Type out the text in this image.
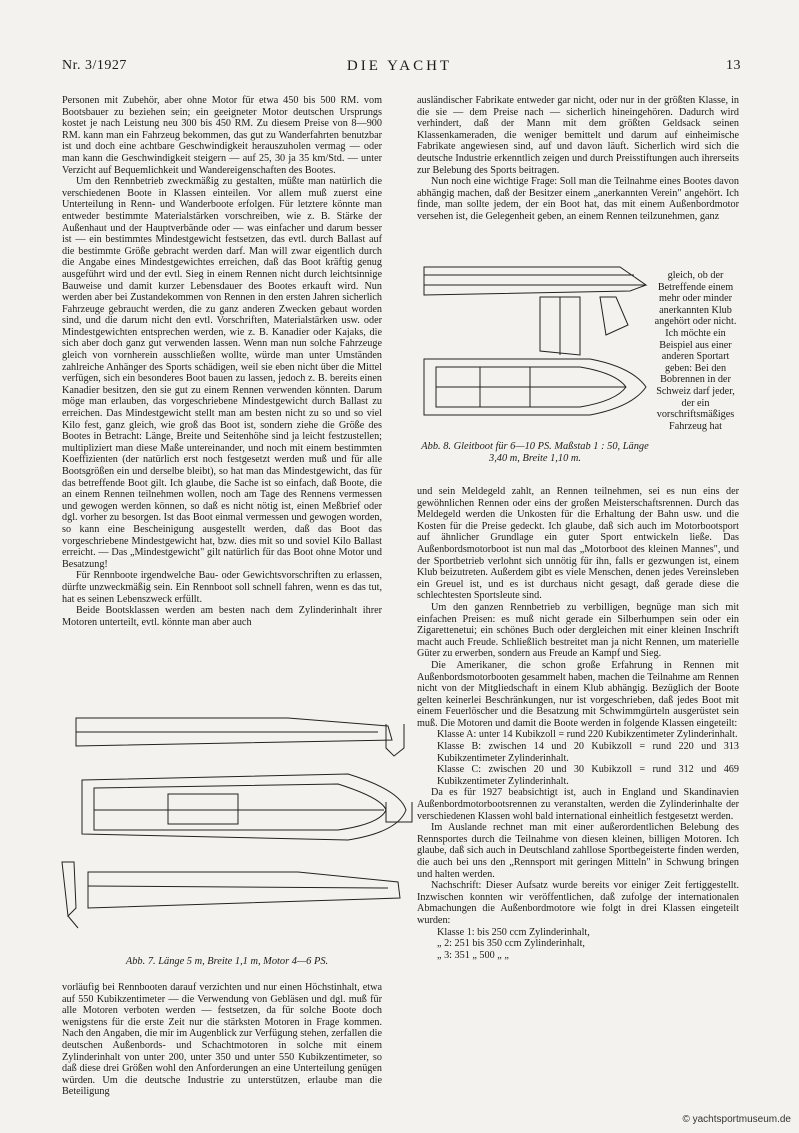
Nr. 3/1927	DIE YACHT	13

Personen mit Zubehör, aber ohne Motor für etwa 450 bis 500 RM. vom Bootsbauer zu beziehen sein; ein geeigneter Motor deutschen Ursprungs kostet je nach Leistung neu 300 bis 450 RM. Zu diesem Preise von 8—900 RM. kann man ein Fahrzeug bekommen, das gut zu Wanderfahrten benutzbar ist und doch eine achtbare Geschwindigkeit herauszuholen vermag — oder man kann die Geschwindigkeit steigern — auf 25, 30 ja 35 km/Std. — unter Verzicht auf Bequemlichkeit und Wandereigenschaften des Bootes.

Um den Rennbetrieb zweckmäßig zu gestalten, müßte man natürlich die verschiedenen Boote in Klassen einteilen. Vor allem muß zuerst eine Unterteilung in Renn- und Wanderboote erfolgen. Für letztere könnte man entweder bestimmte Materialstärken vorschreiben, wie z. B. Stärke der Außenhaut und der Hauptverbände oder — was einfacher und darum besser ist — ein bestimmtes Mindestgewicht festsetzen, das evtl. durch Ballast auf die bestimmte Größe gebracht werden darf. Man will zwar eigentlich durch die Angabe eines Mindestgewichtes erreichen, daß das Boot kräftig genug ausgeführt wird und der evtl. Sieg in einem Rennen nicht durch leichtsinnige Bauweise und damit kurzer Lebensdauer des Bootes erkauft wird. Nun werden aber bei Zustandekommen von Rennen in den ersten Jahren sicherlich Fahrzeuge gebraucht werden, die zu ganz anderen Zwecken gebaut worden sind, und die darum nicht den evtl. Vorschriften, Materialstärken usw. oder Mindestgewichten entsprechen werden, wie z. B. Kanadier oder Kajaks, die sich aber doch ganz gut verwenden lassen. Wenn man nun solche Fahrzeuge gleich von vornherein ausschließen wollte, würde man unter Umständen zahlreiche Anhänger des Sports schädigen, weil sie eben nicht über die Mittel verfügen, sich ein besonderes Boot bauen zu lassen, jedoch z. B. bereits einen Kanadier besitzen, den sie gut zu einem Rennen verwenden könnten. Darum möge man erlauben, das vorgeschriebene Mindestgewicht durch Ballast zu erreichen. Das Mindestgewicht stellt man am besten nicht zu so und so viel Kilo fest, ganz gleich, wie groß das Boot ist, sondern ziehe die Größe des Bootes in Betracht: Länge, Breite und Seitenhöhe sind ja leicht festzustellen; multipliziert man diese Maße untereinander, und noch mit einem bestimmten Koeffizienten (der natürlich erst noch festgesetzt werden muß und für alle Bootsgrößen ein und derselbe bleibt), so hat man das Mindestgewicht, das für das betreffende Boot gilt. Ich glaube, die Sache ist so einfach, daß Boote, die an einem Rennen teilnehmen wollen, noch am Tage des Rennens vermessen und gewogen werden können, so daß es nicht nötig ist, einen Meßbrief oder dgl. vorher zu besorgen. Ist das Boot einmal vermessen und gewogen worden, so kann eine Bescheinigung ausgestellt werden, daß das Boot das vorgeschriebene Mindestgewicht hat, bzw. dies mit so und soviel Kilo Ballast erreicht. — Das „Mindestgewicht" gilt natürlich für das Boot ohne Motor und Besatzung!

Für Rennboote irgendwelche Bau- oder Gewichtsvorschriften zu erlassen, dürfte unzweckmäßig sein. Ein Rennboot soll schnell fahren, wenn es das tut, hat es seinen Lebenszweck erfüllt.

Beide Bootsklassen werden am besten nach dem Zylinderinhalt ihrer Motoren unterteilt, evtl. könnte man aber auch

ausländischer Fabrikate entweder gar nicht, oder nur in der größten Klasse, in die sie — dem Preise nach — sicherlich hineingehören. Dadurch wird verhindert, daß der Mann mit dem größten Geldsack seinen Klassenkameraden, die weniger bemittelt und darum auf einheimische Fabrikate angewiesen sind, auf und davon läuft. Sicherlich wird sich die deutsche Industrie erkenntlich zeigen und durch Preisstiftungen auch ihrerseits zur Belebung des Sports beitragen.

Nun noch eine wichtige Frage: Soll man die Teilnahme eines Bootes davon abhängig machen, daß der Besitzer einem „anerkannten Verein" angehört. Ich finde, man sollte jedem, der ein Boot hat, das mit einem Außenbordmotor versehen ist, die Gelegenheit geben, an einem Rennen teilzunehmen, ganz

Abb. 8. Gleitboot für 6—10 PS. Maßstab 1 : 50, Länge 3,40 m, Breite 1,10 m.
gleich, ob der Betreffende einem mehr oder minder anerkannten Klub angehört oder nicht. Ich möchte ein Beispiel aus einer anderen Sportart geben: Bei den Bobrennen in der Schweiz darf jeder, der ein vorschriftsmäßiges Fahrzeug hat

und sein Meldegeld zahlt, an Rennen teilnehmen, sei es nun eins der gewöhnlichen Rennen oder eins der großen Meisterschaftsrennen. Durch das Meldegeld werden die Unkosten für die Erhaltung der Bahn usw. und die Kosten für die Preise gedeckt. Ich glaube, daß sich auch im Motorbootsport auf ähnlicher Grundlage ein guter Sport entwickeln ließe. Das Außenbordsmotorboot ist nun mal das „Motorboot des kleinen Mannes", und der Sportbetrieb verlohnt sich unnötig für ihn, falls er gezwungen ist, einem Klub beizutreten. Außerdem gibt es viele Menschen, denen jedes Vereinsleben ein Greuel ist, und es ist durchaus nicht gesagt, daß gerade diese die schlechtesten Sportsleute sind.

Um den ganzen Rennbetrieb zu verbilligen, begnüge man sich mit einfachen Preisen: es muß nicht gerade ein Silberhumpen sein oder ein Zigarettenetui; ein schönes Buch oder dergleichen mit einer kleinen Inschrift macht auch Freude. Schließlich bestreitet man ja nicht Rennen, um materielle Güter zu erwerben, sondern aus Freude an Kampf und Sieg.

Die Amerikaner, die schon große Erfahrung in Rennen mit Außenbordsmotorbooten gesammelt haben, machen die Teilnahme am Rennen nicht von der Mitgliedschaft in einem Klub abhängig. Bezüglich der Boote gelten keinerlei Beschränkungen, nur ist vorgeschrieben, daß jedes Boot mit einem Feuerlöscher und die Besatzung mit Schwimmgürteln ausgerüstet sein muß. Die Motoren und damit die Boote werden in folgende Klassen eingeteilt:

Klasse A: unter 14 Kubikzoll = rund 220 Kubikzentimeter Zylinderinhalt.
Klasse B: zwischen 14 und 20 Kubikzoll = rund 220 und 313 Kubikzentimeter Zylinderinhalt.
Klasse C: zwischen 20 und 30 Kubikzoll = rund 312 und 469 Kubikzentimeter Zylinderinhalt.

Da es für 1927 beabsichtigt ist, auch in England und Skandinavien Außenbordmotorbootsrennen zu veranstalten, werden die Zylinderinhalte der verschiedenen Klassen wohl bald international einheitlich festgesetzt werden.

Im Auslande rechnet man mit einer außerordentlichen Belebung des Rennsportes durch die Teilnahme von diesen kleinen, billigen Motoren. Ich glaube, daß sich auch in Deutschland zahllose Sportbegeisterte finden werden, die auch bei uns den „Rennsport mit geringen Mitteln" in Schwung bringen und halten werden.

Nachschrift: Dieser Aufsatz wurde bereits vor einiger Zeit fertiggestellt. Inzwischen konnten wir veröffentlichen, daß zufolge der internationalen Abmachungen die Außenbordmotore wie folgt in drei Klassen eingeteilt wurden:

Klasse 1: bis 250 ccm Zylinderinhalt,
„ 2: 251 bis 350 ccm Zylinderinhalt,
„ 3: 351 „ 500 „ „
Abb. 7. Länge 5 m, Breite 1,1 m, Motor 4—6 PS.

vorläufig bei Rennbooten darauf verzichten und nur einen Höchstinhalt, etwa auf 550 Kubikzentimeter — die Verwendung von Gebläsen und dgl. muß für alle Motoren verboten werden — festsetzen, da für solche Boote doch wenigstens für die erste Zeit nur die stärksten Motoren in Frage kommen. Nach den Angaben, die mir im Augenblick zur Verfügung stehen, zerfallen die deutschen Außenbords- und Schachtmotoren in solche mit einem Zylinderinhalt von unter 200, unter 350 und unter 550 Kubikzentimeter, so daß diese drei Größen wohl den Anforderungen an eine Unterteilung genügen würden. Um die deutsche Industrie zu unterstützen, erlaube man die Beteiligung

© yachtsportmuseum.de
